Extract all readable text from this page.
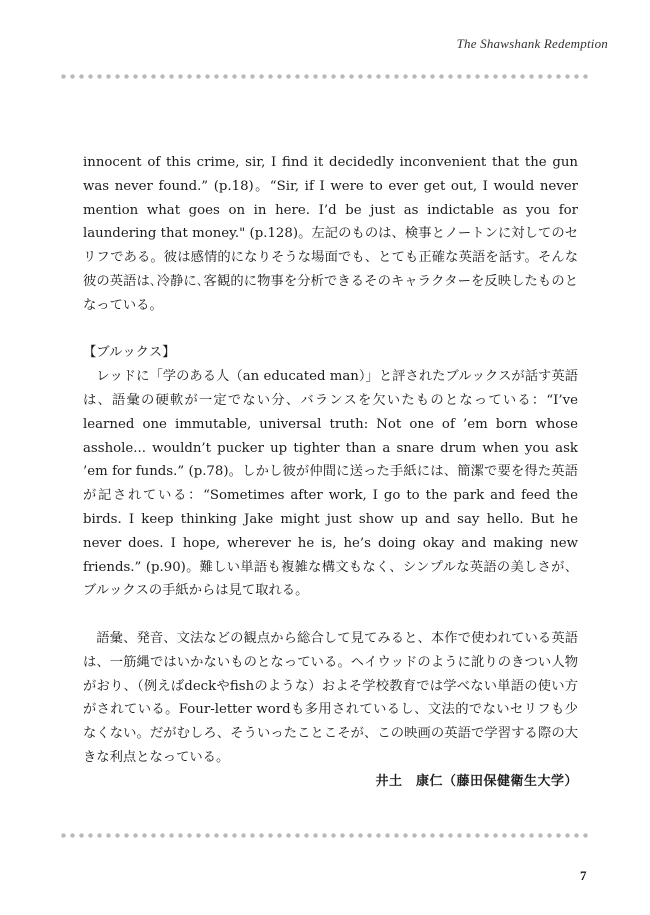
The Shawshank Redemption

innocent of this crime, sir, I find it decidedly inconvenient that the gun was never found.” (p.18)。“Sir, if I were to ever get out, I would never mention what goes on in here. I’d be just as indictable as you for laundering that money." (p.128)。左記のものは、検事とノートンに対してのセリフである。彼は感情的になりそうな場面でも、とても正確な英語を話す。そんな彼の英語は､冷静に､客観的に物事を分析できるそのキャラクターを反映したものとなっている。

【ブルックス】

レッドに「学のある人（an educated man）」と評されたブルックスが話す英語は、語彙の硬軟が一定でない分、バランスを欠いたものとなっている：“I’ve learned one immutable, universal truth: Not one of ’em born whose asshole... wouldn’t pucker up tighter than a snare drum when you ask ’em for funds.” (p.78)。しかし彼が仲間に送った手紙には、簡潔で要を得た英語が記されている：“Sometimes after work, I go to the park and feed the birds. I keep thinking Jake might just show up and say hello. But he never does. I hope, wherever he is, he’s doing okay and making new friends.” (p.90)。難しい単語も複雑な構文もなく、シンプルな英語の美しさが、ブルックスの手紙からは見て取れる。

語彙、発音、文法などの観点から総合して見てみると、本作で使われている英語は、一筋縄ではいかないものとなっている。ヘイウッドのように訛りのきつい人物がおり、（例えばdeckやfishのような）およそ学校教育では学べない単語の使い方がされている。Four-letter wordも多用されているし、文法的でないセリフも少なくない。だがむしろ、そういったことこそが、この映画の英語で学習する際の大きな利点となっている。

井土　康仁（藤田保健衛生大学）

7
